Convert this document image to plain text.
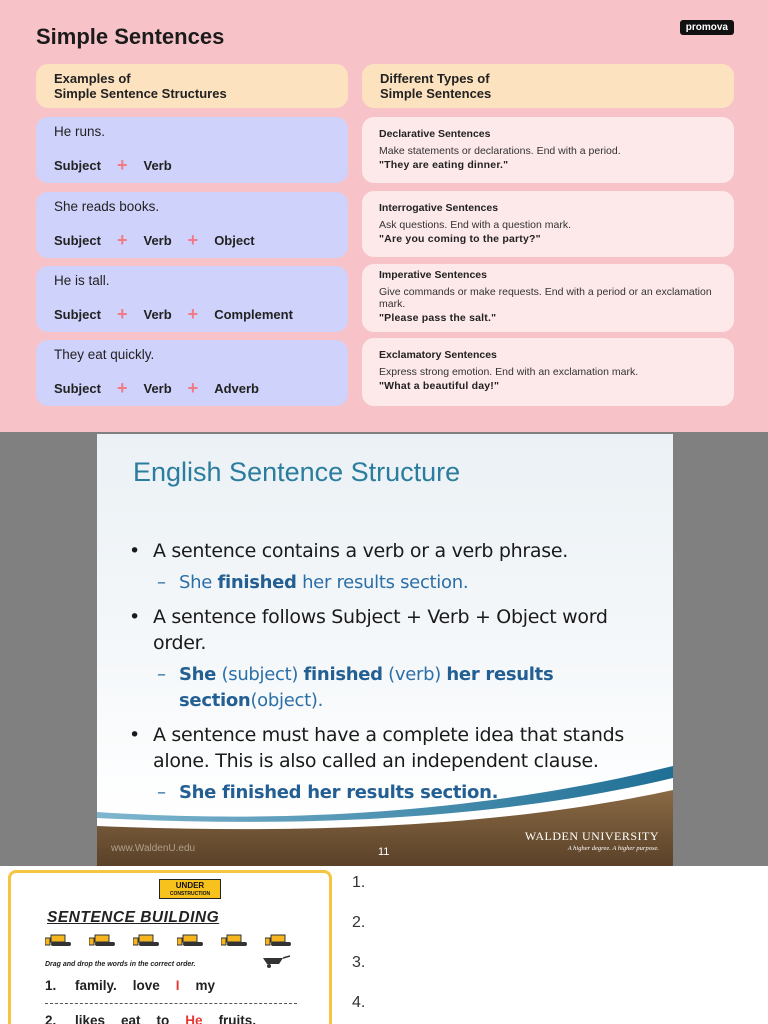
Simple Sentences	promova
Examples of
Simple Sentence Structures
Different Types of
Simple Sentences
He runs.
Subject + Verb
She reads books.
Subject + Verb + Object
He is tall.
Subject + Verb + Complement
They eat quickly.
Subject + Verb + Adverb
Declarative Sentences
Make statements or declarations. End with a period.
"They are eating dinner."
Interrogative Sentences
Ask questions. End with a question mark.
"Are you coming to the party?"
Imperative Sentences
Give commands or make requests. End with a period or an exclamation mark.
"Please pass the salt."
Exclamatory Sentences
Express strong emotion. End with an exclamation mark.
"What a beautiful day!"
English Sentence Structure
• A sentence contains a verb or a verb phrase.
– She finished her results section.
• A sentence follows Subject + Verb + Object word order.
– She (subject) finished (verb) her results section(object).
• A sentence must have a complete idea that stands alone. This is also called an independent clause.
– She finished her results section.
www.WaldenU.edu	11
WALDEN UNIVERSITY
A higher degree. A higher purpose.
UNDER
CONSTRUCTION
SENTENCE BUILDING
Drag and drop the words in the correct order.
1.	family. love I my
2.	likes eat to He fruits.
1.
2.
3.
4.
